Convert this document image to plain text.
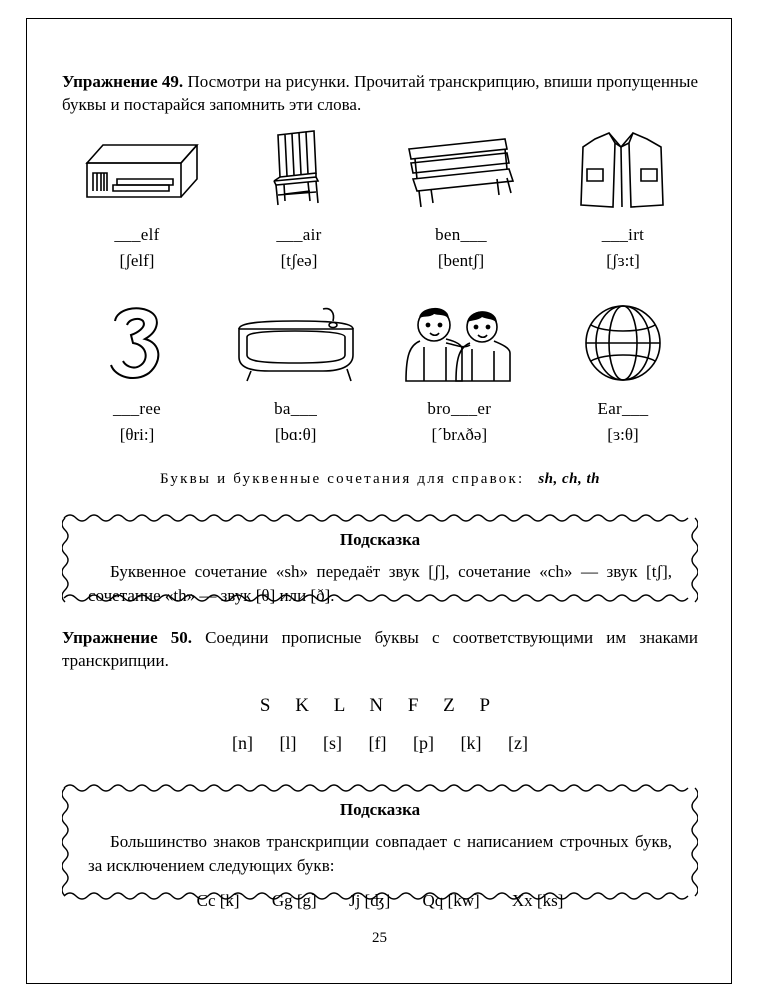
Упражнение 49. Посмотри на рисунки. Прочитай транскрипцию, впиши пропущенные буквы и постарайся запомнить эти слова.

___elf
[ʃelf]
___air
[tʃeə]
ben___
[bentʃ]
___irt
[ʃɜ:t]
___ree
[θri:]
ba___
[bɑ:θ]
bro___er
[´brʌðə]
Ear___
[ɜ:θ]
Буквы и буквенные сочетания для справок: sh, ch, th
Подсказка

Буквенное сочетание «sh» передаёт звук [ʃ], сочетание «ch» — звук [tʃ], сочетание «th» — звук [θ] или [ð].

Упражнение 50. Соедини прописные буквы с соответствующими им знаками транскрипции.

S K L N F Z P
[n] [l] [s] [f] [p] [k] [z]
Подсказка

Большинство знаков транскрипции совпадает с написанием строчных букв, за исключением следующих букв:

Cc [k] Gg [g] Jj [ʤ] Qq [kw] Xx [ks]
25
